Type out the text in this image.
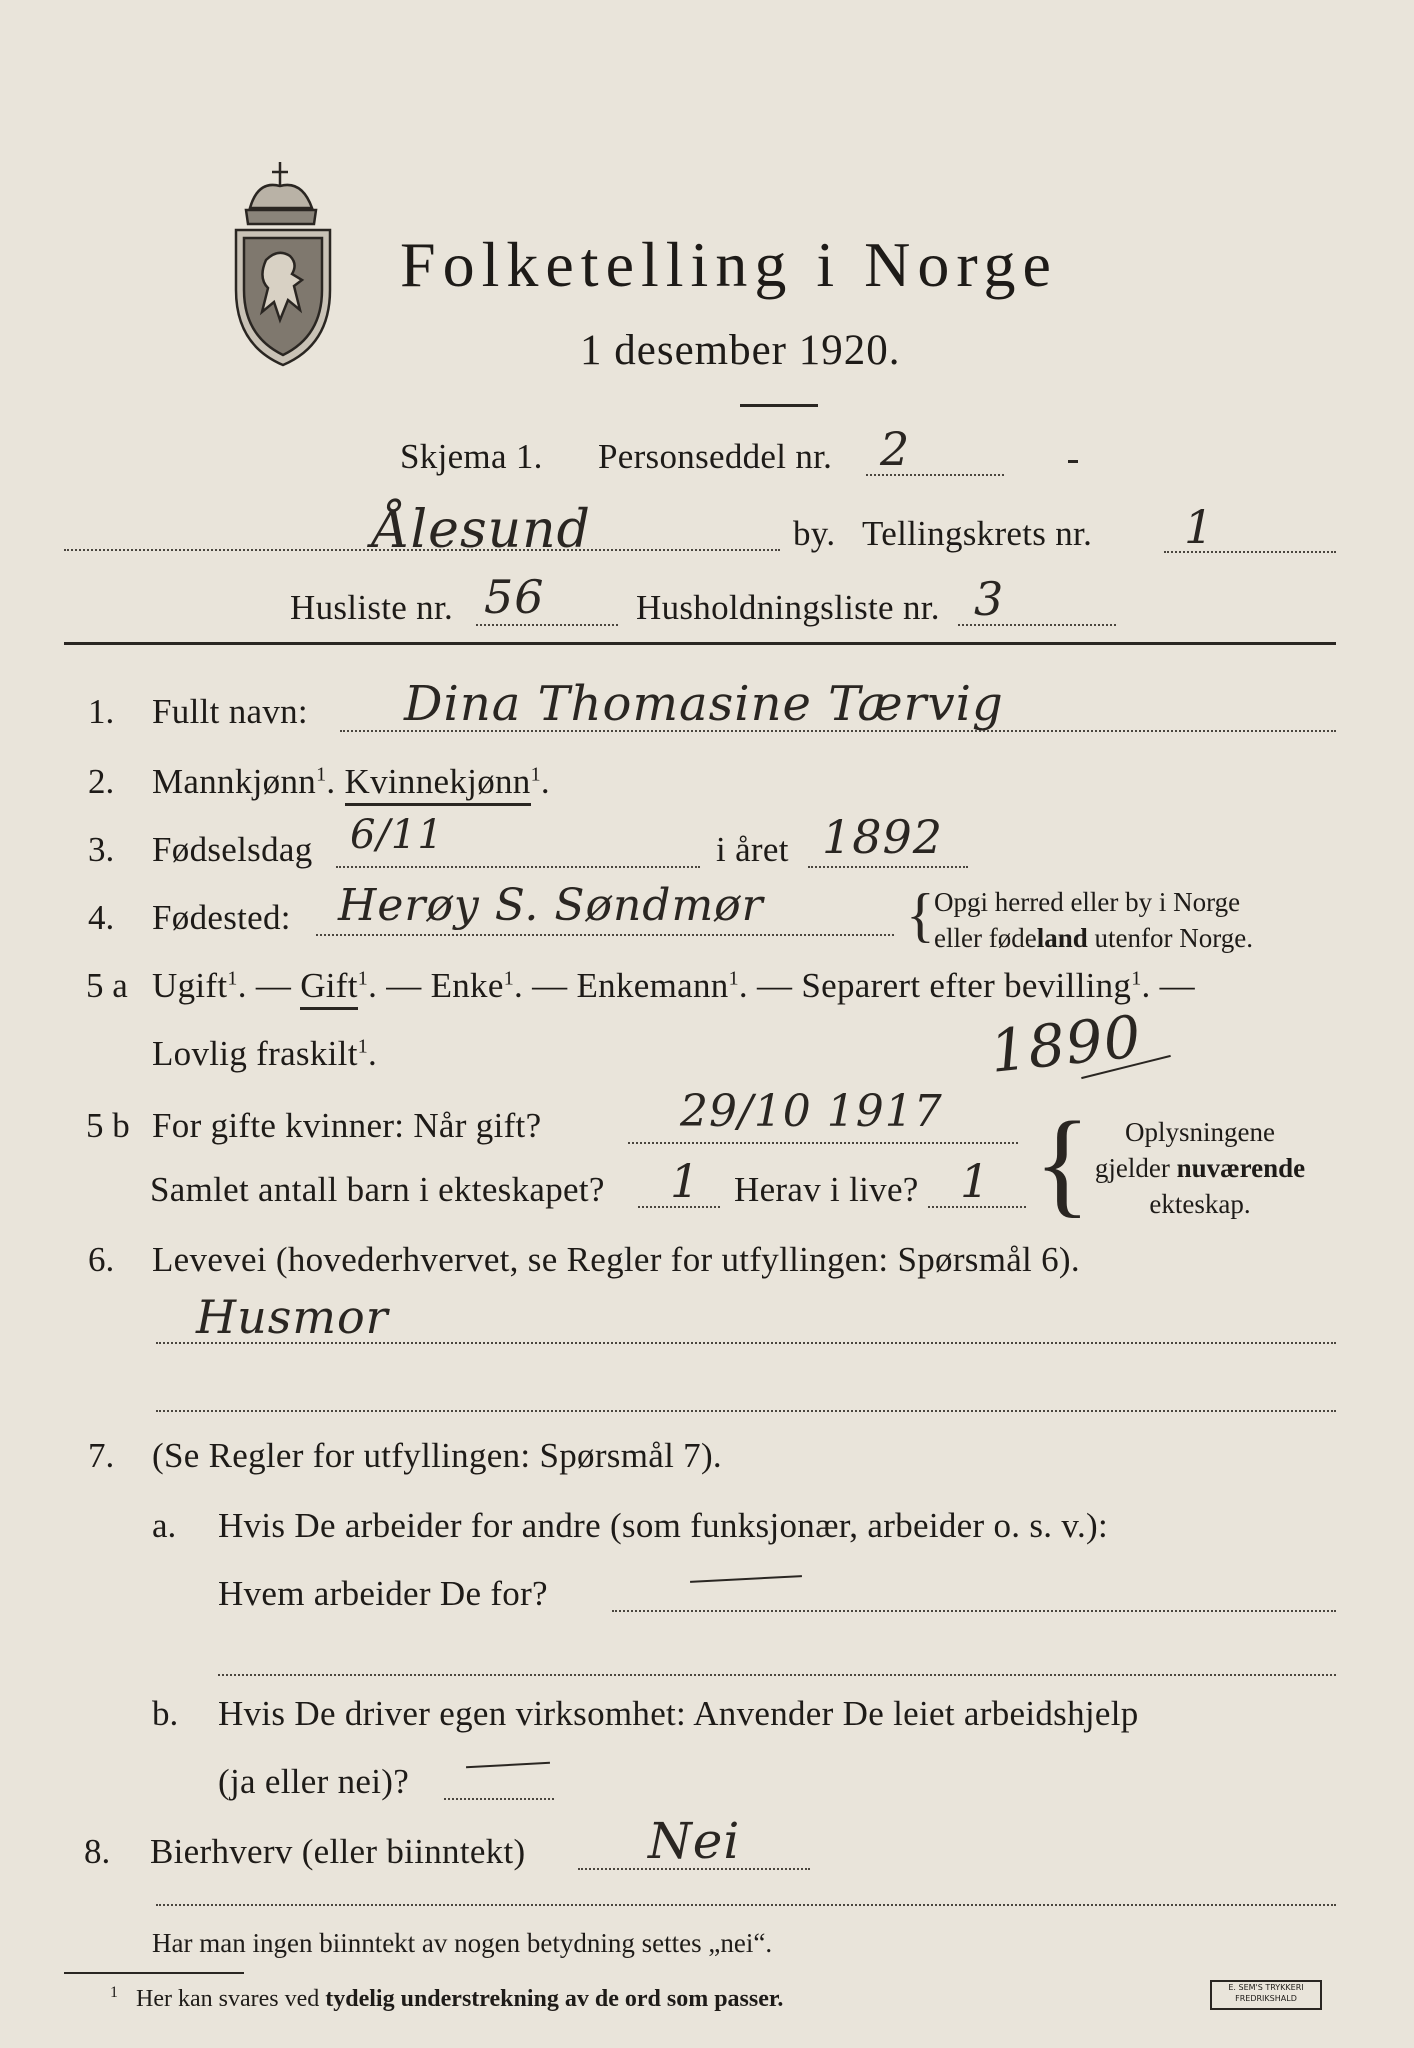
Folketelling i Norge
1 desember 1920.
Skjema 1. Personseddel nr. 2
Ålesund	by. Tellingskrets nr. 1
Husliste nr. 56	Husholdningsliste nr. 3
1. Fullt navn: Dina Thomasine Tærvig
2. Mannkjønn$^1$. Kvinnekjønn$^1$.
3. Fødselsdag 6/11	i året 1892
4. Fødested: Herøy S. Søndmør { Opgi herred eller by i Norge
eller fødeland utenfor Norge.
5 a Ugift$^1$. — Gift$^1$. — Enke$^1$. — Enkemann$^1$. — Separert efter bevilling$^1$. —
Lovlig fraskilt$^1$.	1890
5 b For gifte kvinner: Når gift?	29/10 1917
Samlet antall barn i ekteskapet? 1 Herav i live? 1 {	Oplysningene
gjelder nuværende
ekteskap.
6. Levevei (hovederhvervet, se Regler for utfyllingen: Spørsmål 6).
Husmor
7. (Se Regler for utfyllingen: Spørsmål 7).
a. Hvis De arbeider for andre (som funksjonær, arbeider o. s. v.):
Hvem arbeider De for?
b. Hvis De driver egen virksomhet: Anvender De leiet arbeidshjelp
(ja eller nei)?
8. Bierhverv (eller biinntekt) Nei
Har man ingen biinntekt av nogen betydning settes „nei“.
$^1$ Her kan svares ved tydelig understrekning av de ord som passer.	E. SEM'S TRYKKERI
FREDRIKSHALD
